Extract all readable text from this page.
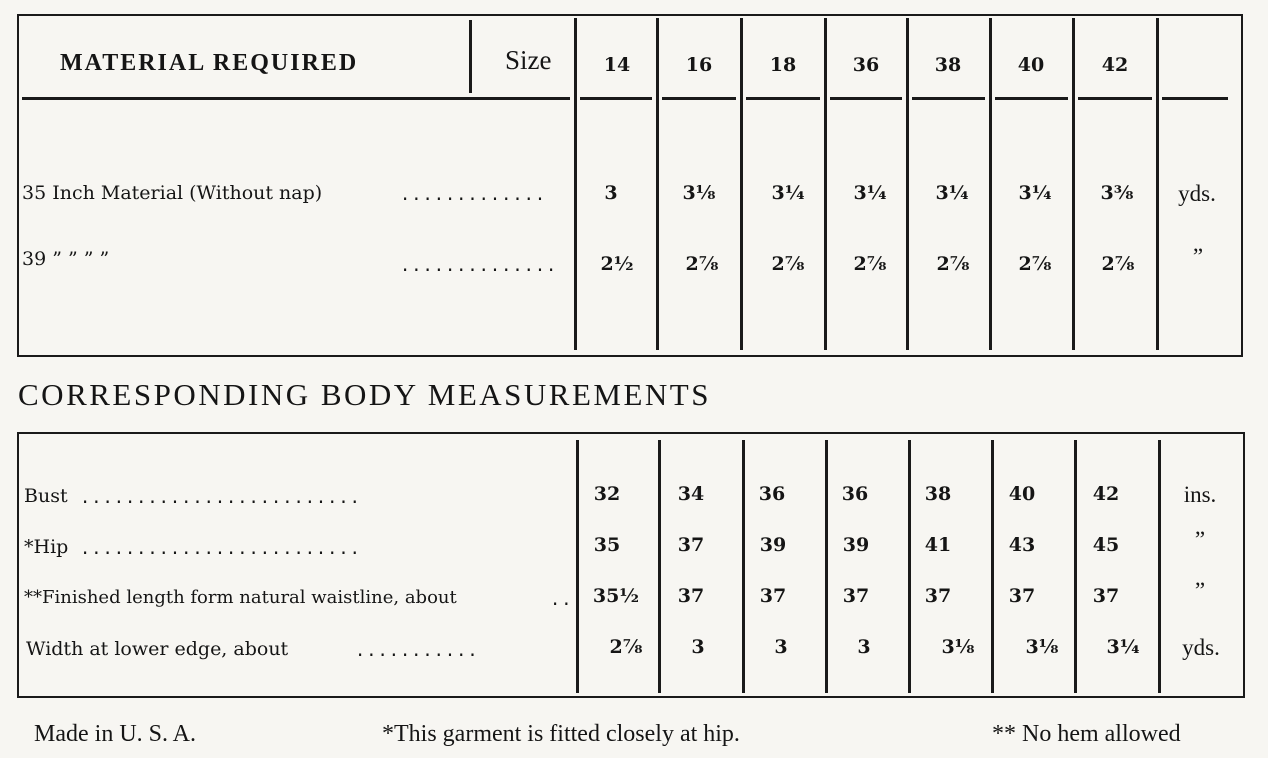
MATERIAL REQUIRED	Size	14	16	18	36	38	40	42
35 Inch Material (Without nap)	.............	3	3⅛	3¼	3¼	3¼	3¼	3⅜	yds.
39 ” ” ” ”	..............	2½	2⅞	2⅞	2⅞	2⅞	2⅞	2⅞	”
CORRESPONDING BODY MEASUREMENTS
Bust .........................	32	34	36	36	38	40	42	ins.
*Hip .........................	35	37	39	39	41	43	45	”
**Finished length form natural waistline, about	..	35½	37	37	37	37	37	37	”
Width at lower edge, about	...........	2⅞	3	3	3	3⅛	3⅛	3¼	yds.
Made in U. S. A.	*This garment is fitted closely at hip.	** No hem allowed
